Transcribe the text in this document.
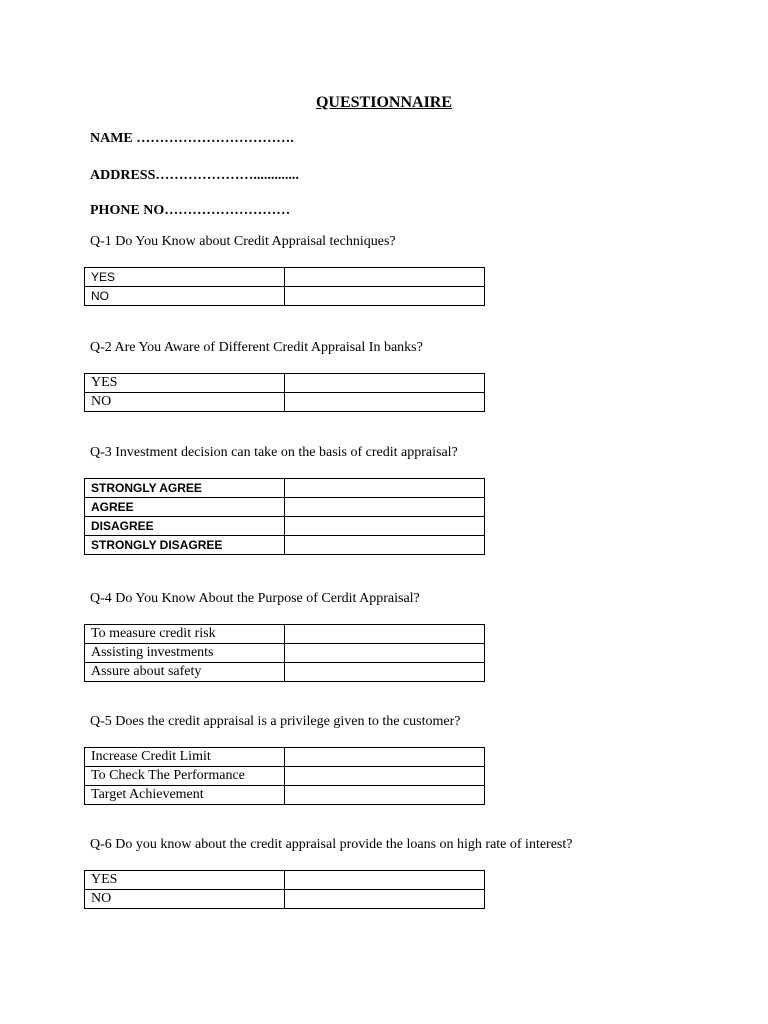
QUESTIONNAIRE
NAME …………………………….
ADDRESS………………….............
PHONE NO………………………
Q-1 Do You Know about Credit Appraisal techniques?
YES	
NO	
Q-2 Are You Aware of Different Credit Appraisal In banks?
YES	
NO	
Q-3 Investment decision can take on the basis of credit appraisal?
STRONGLY AGREE	
AGREE	
DISAGREE	
STRONGLY DISAGREE	
Q-4 Do You Know About the Purpose of Cerdit Appraisal?
To measure credit risk	
Assisting investments	
Assure about safety	
Q-5 Does the credit appraisal is a privilege given to the customer?
Increase Credit Limit	
To Check The Performance	
Target Achievement	
Q-6 Do you know about the credit appraisal provide the loans on high rate of interest?
YES	
NO	
